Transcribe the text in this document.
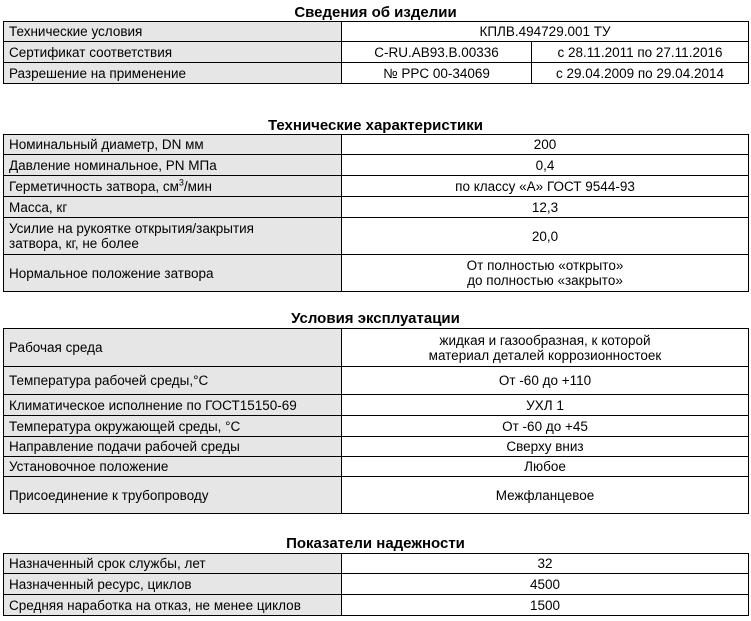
Сведения об изделии
Технические условия	КПЛВ.494729.001 ТУ	
Сертификат соответствия	C-RU.AB93.B.00336	с 28.11.2011 по 27.11.2016
Разрешение на применение	№ PPC 00-34069	с 29.04.2009 по 29.04.2014
Технические характеристики
Номинальный диаметр, DN мм	200
Давление номинальное, PN МПа	0,4
Герметичность затвора, $см^3$/мин	по классу «А» ГОСТ 9544-93
Масса, кг	12,3

Усилие на рукоятке открытия/закрытия
затвора, кг, не более	20,0
Нормальное положение затвора	От полностью «открыто»
до полностью «закрыто»
Условия эксплуатации
Рабочая среда	жидкая и газообразная, к которой
материал деталей коррозионностоек

Температура рабочей среды,°С	От -60 до +110
Климатическое исполнение по ГОСТ15150-69	УХЛ 1
Температура окружающей среды, °С	От -60 до +45
Направление подачи рабочей среды	Сверху вниз
Установочное положение	Любое
Присоединение к трубопроводу	Межфланцевое
Показатели надежности
Назначенный срок службы, лет	32
Назначенный ресурс, циклов	4500
Средняя наработка на отказ, не менее циклов	1500
